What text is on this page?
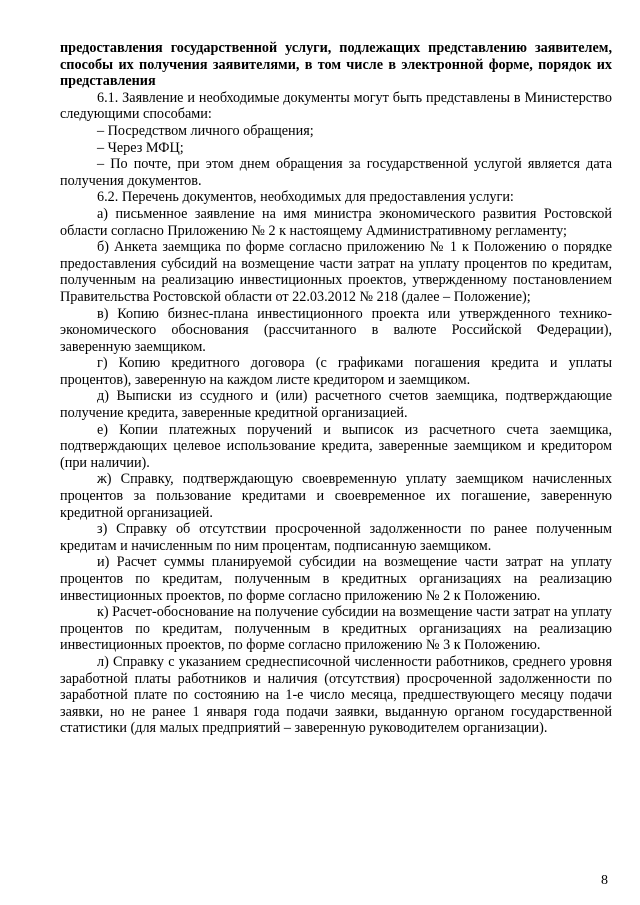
предоставления государственной услуги, подлежащих представлению заявителем, способы их получения заявителями, в том числе в электронной форме, порядок их представления

6.1. Заявление и необходимые документы могут быть представлены в Министерство следующими способами:

– Посредством личного обращения;

– Через МФЦ;

– По почте, при этом днем обращения за государственной услугой является дата получения документов.

6.2. Перечень документов, необходимых для предоставления услуги:

а) письменное заявление на имя министра экономического развития Ростовской области согласно Приложению № 2 к настоящему Административному регламенту;

б) Анкета заемщика по форме согласно приложению № 1 к Положению о порядке предоставления субсидий на возмещение части затрат на уплату процентов по кредитам, полученным на реализацию инвестиционных проектов, утвержденному постановлением Правительства Ростовской области от 22.03.2012 № 218 (далее – Положение);

в) Копию бизнес-плана инвестиционного проекта или утвержденного технико-экономического обоснования (рассчитанного в валюте Российской Федерации), заверенную заемщиком.

г) Копию кредитного договора (с графиками погашения кредита и уплаты процентов), заверенную на каждом листе кредитором и заемщиком.

д) Выписки из ссудного и (или) расчетного счетов заемщика, подтверждающие получение кредита, заверенные кредитной организацией.

е) Копии платежных поручений и выписок из расчетного счета заемщика, подтверждающих целевое использование кредита, заверенные заемщиком и кредитором (при наличии).

ж) Справку, подтверждающую своевременную уплату заемщиком начисленных процентов за пользование кредитами и своевременное их погашение, заверенную кредитной организацией.

з) Справку об отсутствии просроченной задолженности по ранее полученным кредитам и начисленным по ним процентам, подписанную заемщиком.

и) Расчет суммы планируемой субсидии на возмещение части затрат на уплату процентов по кредитам, полученным в кредитных организациях на реализацию инвестиционных проектов, по форме согласно приложению № 2 к Положению.

к) Расчет-обоснование на получение субсидии на возмещение части затрат на уплату процентов по кредитам, полученным в кредитных организациях на реализацию инвестиционных проектов, по форме согласно приложению № 3 к Положению.

л) Справку с указанием среднесписочной численности работников, среднего уровня заработной платы работников и наличия (отсутствия) просроченной задолженности по заработной плате по состоянию на 1-е число месяца, предшествующего месяцу подачи заявки, но не ранее 1 января года подачи заявки, выданную органом государственной статистики (для малых предприятий – заверенную руководителем организации).

8
